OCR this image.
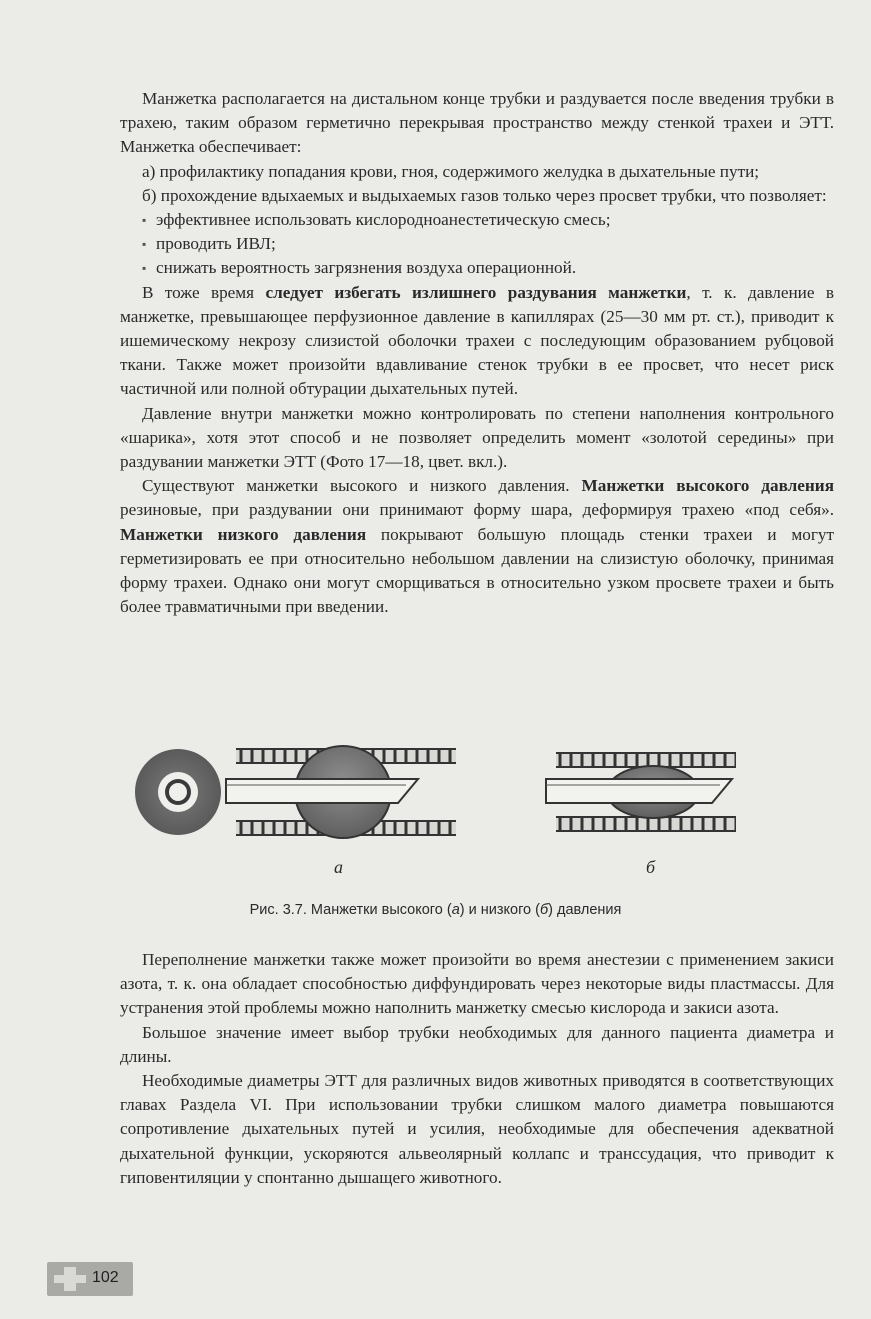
Манжетка располагается на дистальном конце трубки и раздувается после введения трубки в трахею, таким образом герметично перекрывая пространство между стенкой трахеи и ЭТТ. Манжетка обеспечивает:

а) профилактику попадания крови, гноя, содержимого желудка в дыхательные пути;

б) прохождение вдыхаемых и выдыхаемых газов только через просвет трубки, что позволяет:

▪ эффективнее использовать кислородноанестетическую смесь;

▪ проводить ИВЛ;

▪ снижать вероятность загрязнения воздуха операционной.

В тоже время следует избегать излишнего раздувания манжетки, т. к. давление в манжетке, превышающее перфузионное давление в капиллярах (25—30 мм рт. ст.), приводит к ишемическому некрозу слизистой оболочки трахеи с последующим образованием рубцовой ткани. Также может произойти вдавливание стенок трубки в ее просвет, что несет риск частичной или полной обтурации дыхательных путей.

Давление внутри манжетки можно контролировать по степени наполнения контрольного «шарика», хотя этот способ и не позволяет определить момент «золотой середины» при раздувании манжетки ЭТТ (Фото 17—18, цвет. вкл.).

Существуют манжетки высокого и низкого давления. Манжетки высокого давления резиновые, при раздувании они принимают форму шара, деформируя трахею «под себя». Манжетки низкого давления покрывают большую площадь стенки трахеи и могут герметизировать ее при относительно небольшом давлении на слизистую оболочку, принимая форму трахеи. Однако они могут сморщиваться в относительно узком просвете трахеи и быть более травматичными при введении.

а	б
Рис. 3.7. Манжетки высокого (а) и низкого (б) давления

Переполнение манжетки также может произойти во время анестезии с применением закиси азота, т. к. она обладает способностью диффундировать через некоторые виды пластмассы. Для устранения этой проблемы можно наполнить манжетку смесью кислорода и закиси азота.

Большое значение имеет выбор трубки необходимых для данного пациента диаметра и длины.

Необходимые диаметры ЭТТ для различных видов животных приводятся в соответствующих главах Раздела VI. При использовании трубки слишком малого диаметра повышаются сопротивление дыхательных путей и усилия, необходимые для обеспечения адекватной дыхательной функции, ускоряются альвеолярный коллапс и транссудация, что приводит к гиповентиляции у спонтанно дышащего животного.

102
